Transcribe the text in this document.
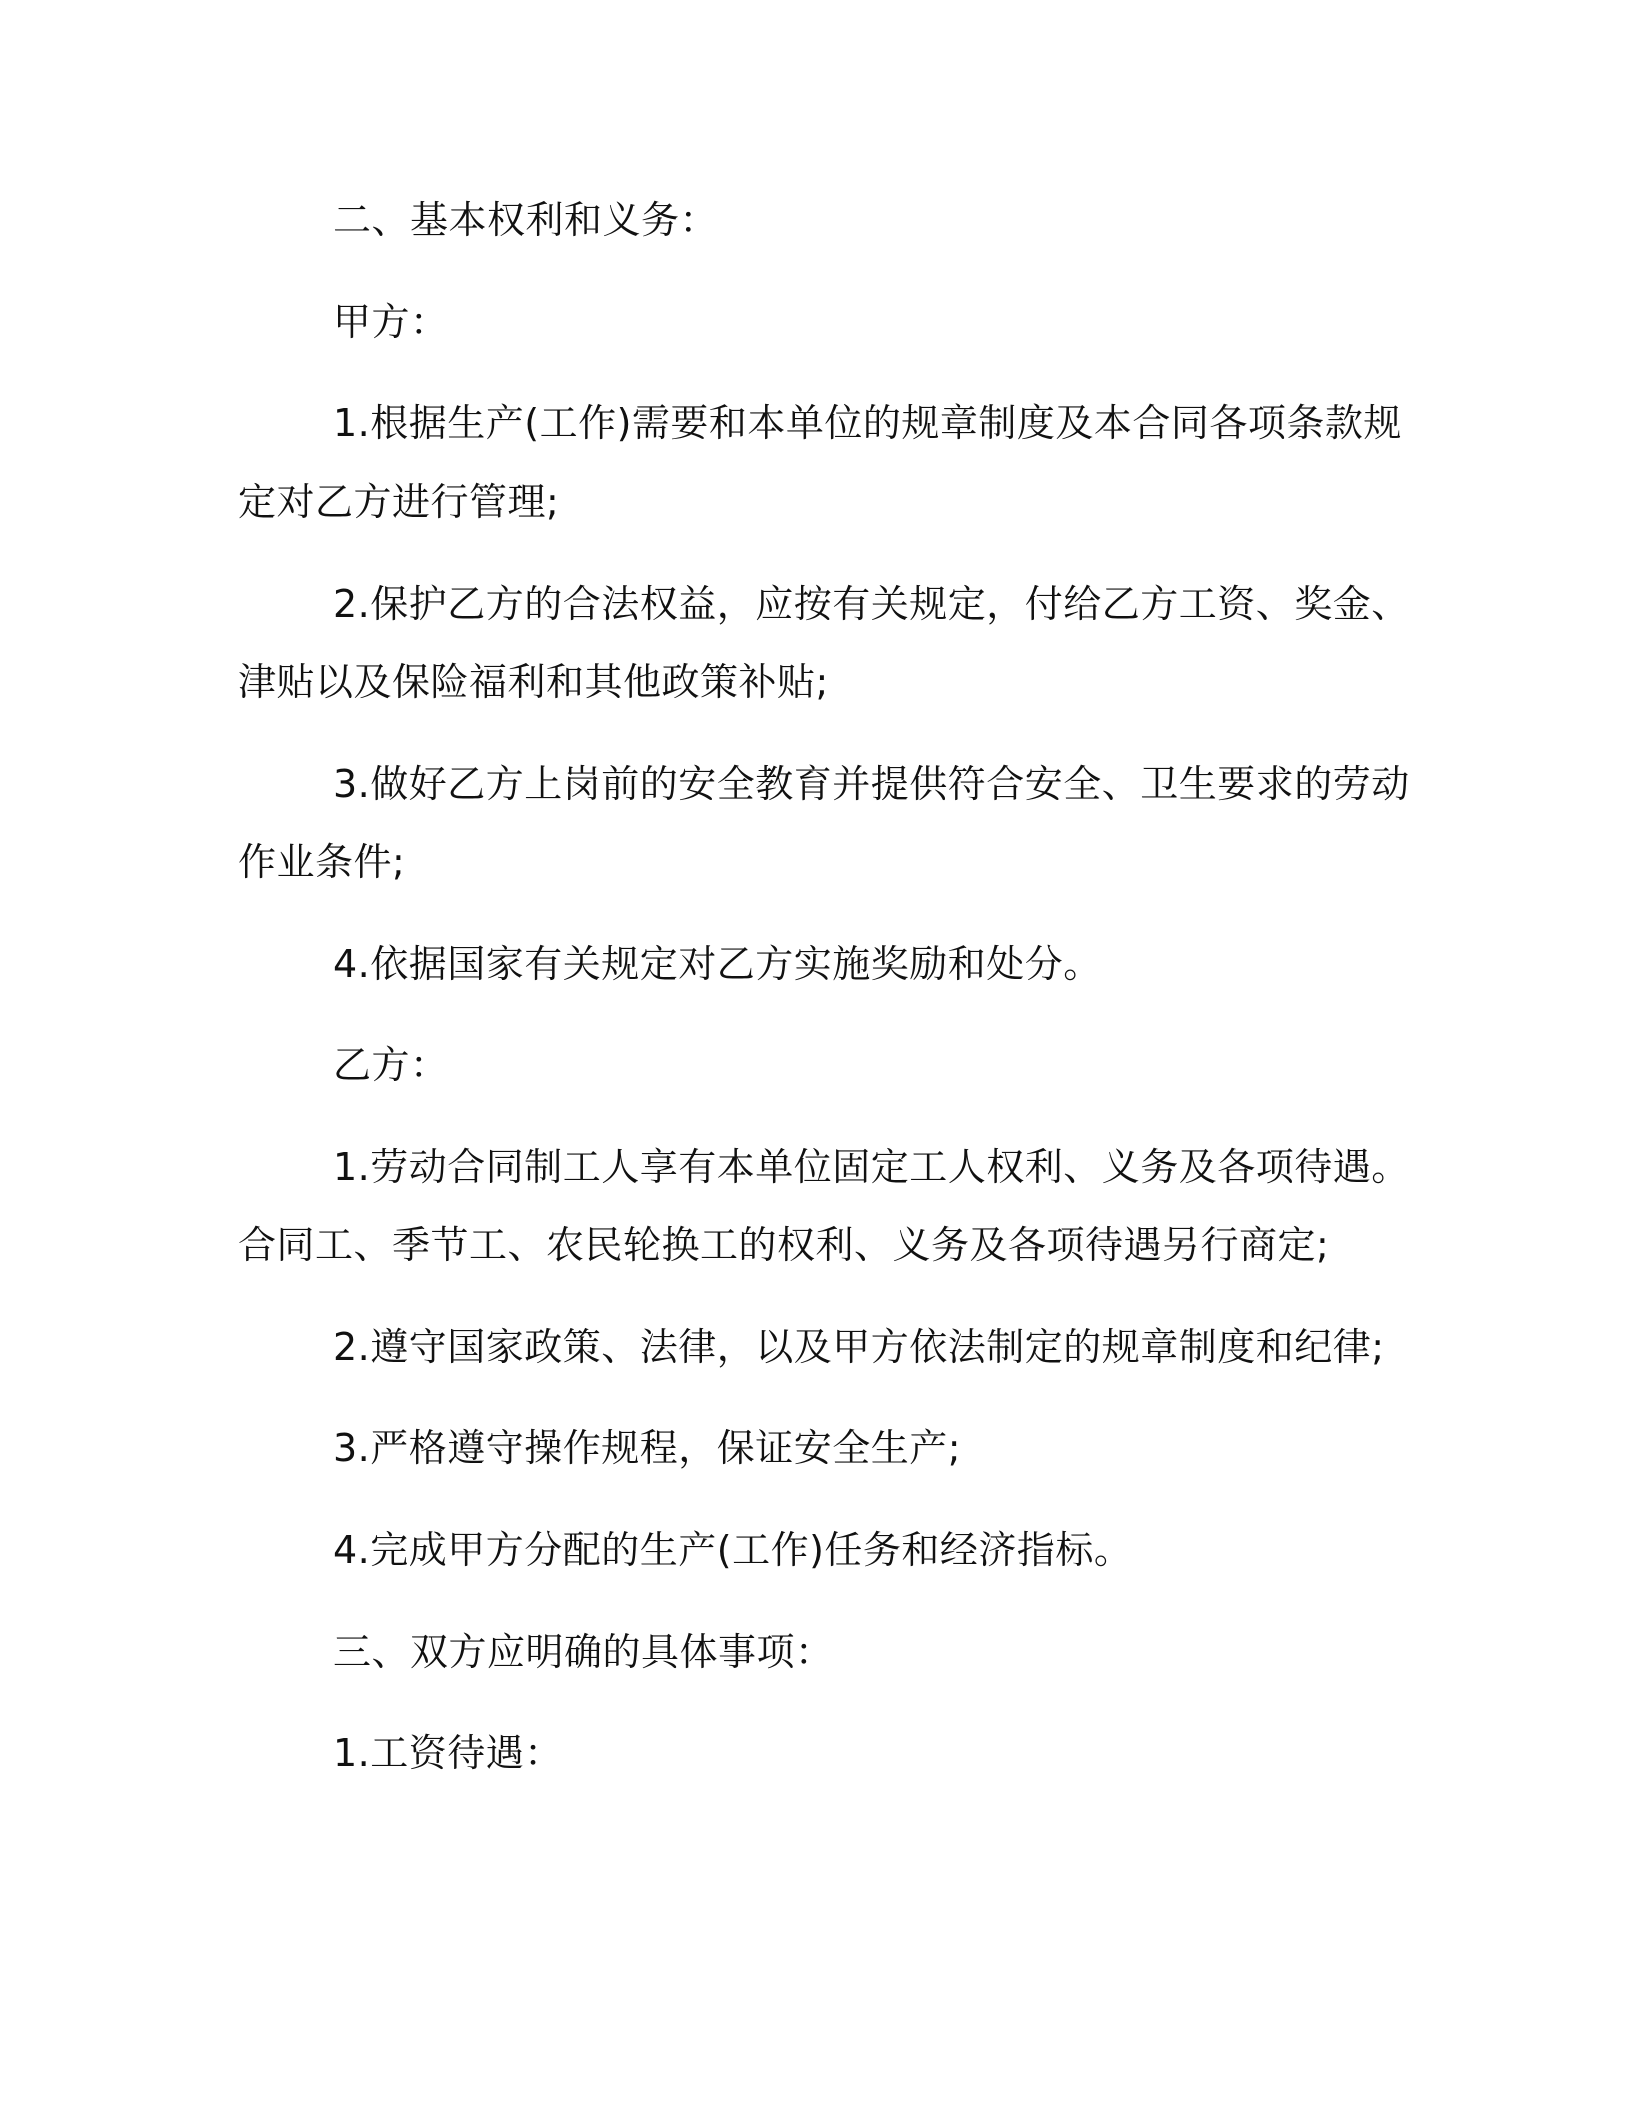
二、基本权利和义务：
甲方：
1.根据生产(工作)需要和本单位的规章制度及本合同各项条款规
定对乙方进行管理;
2.保护乙方的合法权益，应按有关规定，付给乙方工资、奖金、
津贴以及保险福利和其他政策补贴;
3.做好乙方上岗前的安全教育并提供符合安全、卫生要求的劳动
作业条件;
4.依据国家有关规定对乙方实施奖励和处分。
乙方：
1.劳动合同制工人享有本单位固定工人权利、义务及各项待遇。
合同工、季节工、农民轮换工的权利、义务及各项待遇另行商定;
2.遵守国家政策、法律，以及甲方依法制定的规章制度和纪律;
3.严格遵守操作规程，保证安全生产;
4.完成甲方分配的生产(工作)任务和经济指标。
三、双方应明确的具体事项：
1.工资待遇：
